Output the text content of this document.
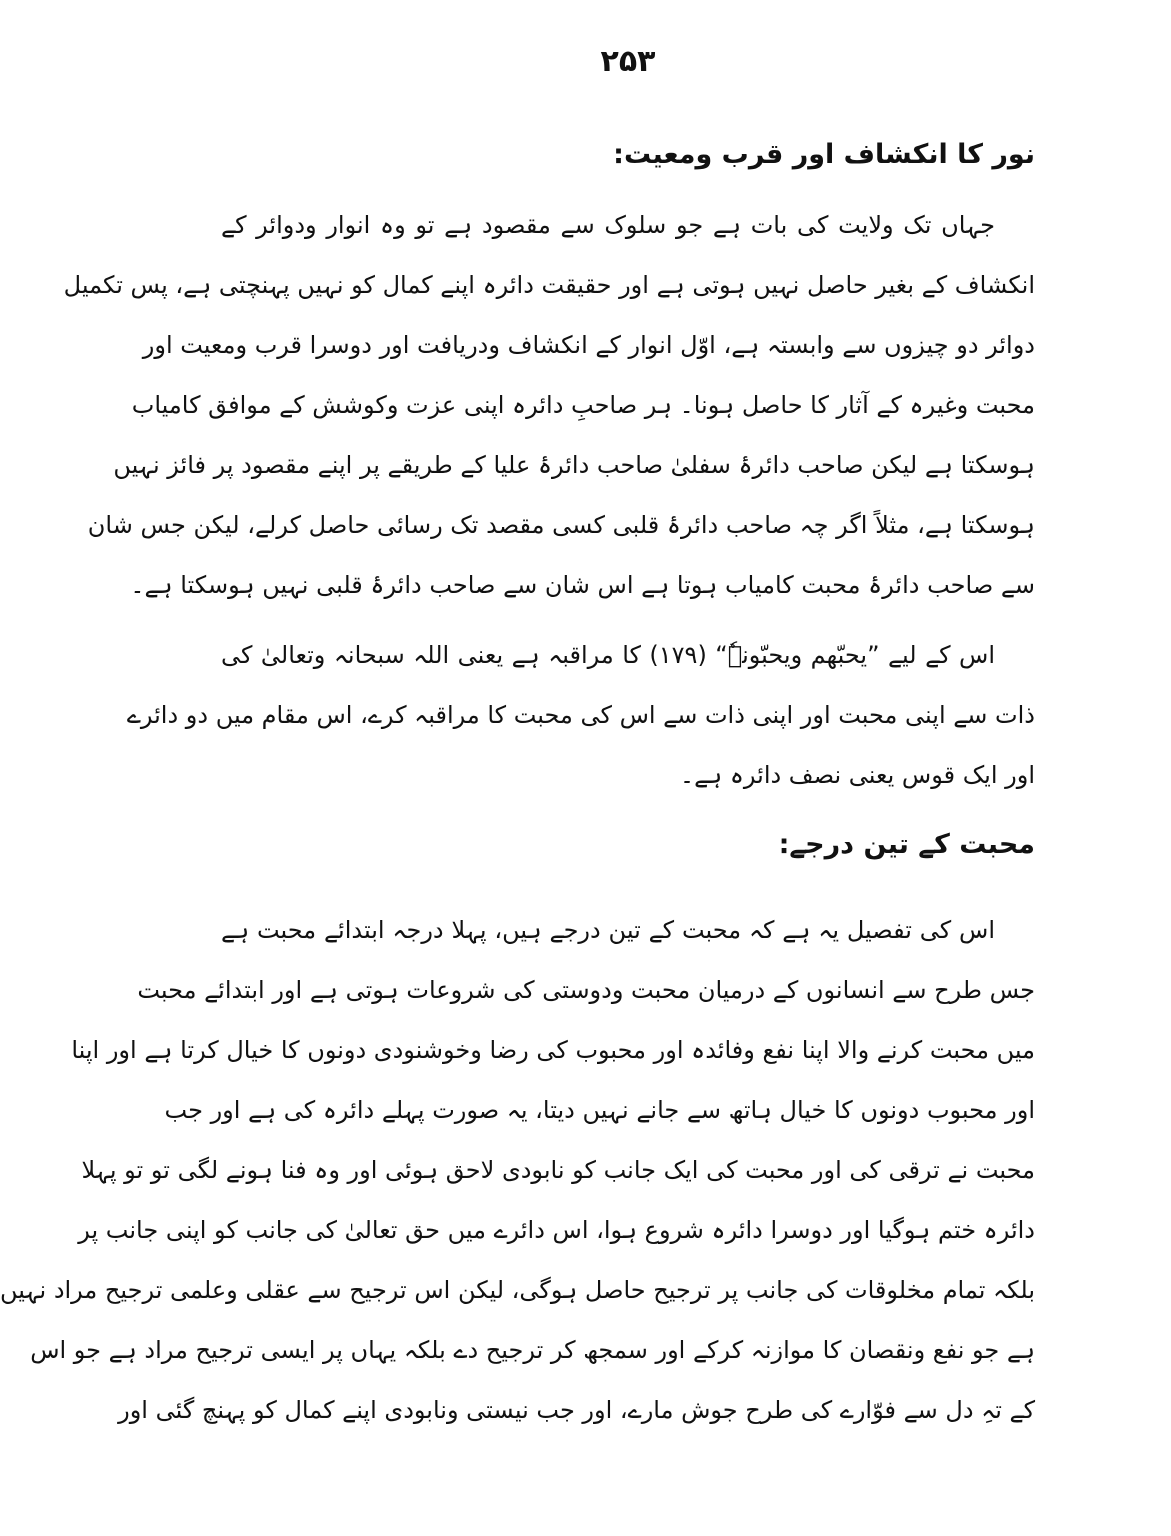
۲۵۳
نور کا انکشاف اور قرب ومعیت:
جہاں تک ولایت کی بات ہے جو سلوک سے مقصود ہے تو وہ انوار ودوائر کے
انکشاف کے بغیر حاصل نہیں ہوتی ہے اور حقیقت دائرہ اپنے کمال کو نہیں پہنچتی ہے، پس تکمیل
دوائر دو چیزوں سے وابستہ ہے، اوّل انوار کے انکشاف ودریافت اور دوسرا قرب ومعیت اور
محبت وغیرہ کے آثار کا حاصل ہونا۔ ہر صاحبِ دائرہ اپنی عزت وکوشش کے موافق کامیاب
ہوسکتا ہے لیکن صاحب دائرۂ سفلیٰ صاحب دائرۂ علیا کے طریقے پر اپنے مقصود پر فائز نہیں
ہوسکتا ہے، مثلاً اگر چہ صاحب دائرۂ قلبی کسی مقصد تک رسائی حاصل کرلے، لیکن جس شان
سے صاحب دائرۂ محبت کامیاب ہوتا ہے اس شان سے صاحب دائرۂ قلبی نہیں ہوسکتا ہے۔
اس کے لیے ”یحبّھم ویحبّونہٗ“ (۱۷۹) کا مراقبہ ہے یعنی اللہ سبحانہ وتعالیٰ کی
ذات سے اپنی محبت اور اپنی ذات سے اس کی محبت کا مراقبہ کرے، اس مقام میں دو دائرے
اور ایک قوس یعنی نصف دائرہ ہے۔
محبت کے تین درجے:
اس کی تفصیل یہ ہے کہ محبت کے تین درجے ہیں، پہلا درجہ ابتدائے محبت ہے
جس طرح سے انسانوں کے درمیان محبت ودوستی کی شروعات ہوتی ہے اور ابتدائے محبت
میں محبت کرنے والا اپنا نفع وفائدہ اور محبوب کی رضا وخوشنودی دونوں کا خیال کرتا ہے اور اپنا
اور محبوب دونوں کا خیال ہاتھ سے جانے نہیں دیتا، یہ صورت پہلے دائرہ کی ہے اور جب
محبت نے ترقی کی اور محبت کی ایک جانب کو نابودی لاحق ہوئی اور وہ فنا ہونے لگی تو تو پہلا
دائرہ ختم ہوگیا اور دوسرا دائرہ شروع ہوا، اس دائرے میں حق تعالیٰ کی جانب کو اپنی جانب پر
بلکہ تمام مخلوقات کی جانب پر ترجیح حاصل ہوگی، لیکن اس ترجیح سے عقلی وعلمی ترجیح مراد نہیں
ہے جو نفع ونقصان کا موازنہ کرکے اور سمجھ کر ترجیح دے بلکہ یہاں پر ایسی ترجیح مراد ہے جو اس
کے تہِ دل سے فوّارے کی طرح جوش مارے، اور جب نیستی ونابودی اپنے کمال کو پہنچ گئی اور
